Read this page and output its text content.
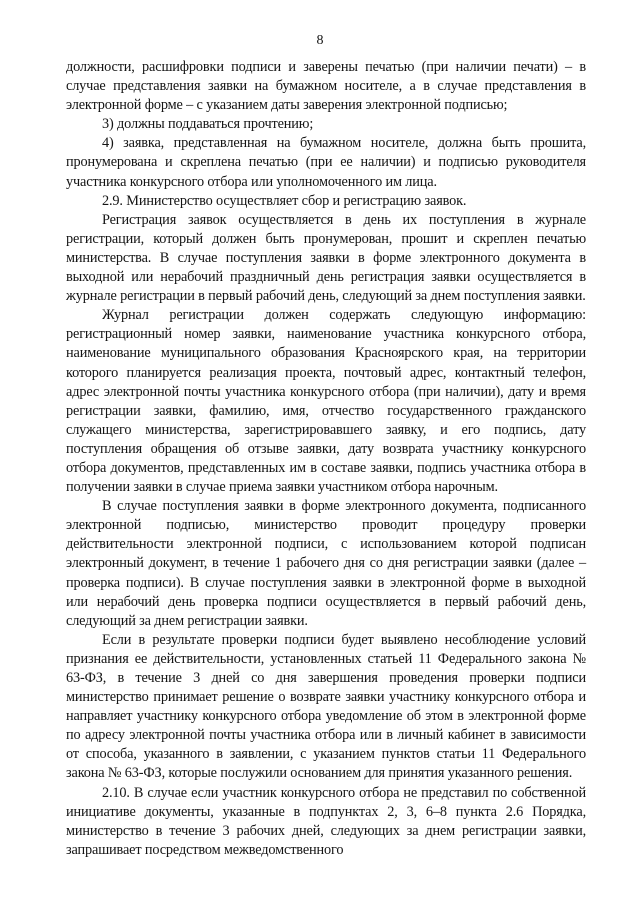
8

должности, расшифровки подписи и заверены печатью (при наличии печати) – в случае представления заявки на бумажном носителе, а в случае представления в электронной форме – с указанием даты заверения электронной подписью;

3) должны поддаваться прочтению;

4) заявка, представленная на бумажном носителе, должна быть прошита, пронумерована и скреплена печатью (при ее наличии) и подписью руководителя участника конкурсного отбора или уполномоченного им лица.

2.9. Министерство осуществляет сбор и регистрацию заявок.

Регистрация заявок осуществляется в день их поступления в журнале регистрации, который должен быть пронумерован, прошит и скреплен печатью министерства. В случае поступления заявки в форме электронного документа в выходной или нерабочий праздничный день регистрация заявки осуществляется в журнале регистрации в первый рабочий день, следующий за днем поступления заявки.

Журнал регистрации должен содержать следующую информацию: регистрационный номер заявки, наименование участника конкурсного отбора, наименование муниципального образования Красноярского края, на территории которого планируется реализация проекта, почтовый адрес, контактный телефон, адрес электронной почты участника конкурсного отбора (при наличии), дату и время регистрации заявки, фамилию, имя, отчество государственного гражданского служащего министерства, зарегистрировавшего заявку, и его подпись, дату поступления обращения об отзыве заявки, дату возврата участнику конкурсного отбора документов, представленных им в составе заявки, подпись участника отбора в получении заявки в случае приема заявки участником отбора нарочным.

В случае поступления заявки в форме электронного документа, подписанного электронной подписью, министерство проводит процедуру проверки действительности электронной подписи, с использованием которой подписан электронный документ, в течение 1 рабочего дня со дня регистрации заявки (далее – проверка подписи). В случае поступления заявки в электронной форме в выходной или нерабочий день проверка подписи осуществляется в первый рабочий день, следующий за днем регистрации заявки.

Если в результате проверки подписи будет выявлено несоблюдение условий признания ее действительности, установленных статьей 11 Федерального закона № 63-ФЗ, в течение 3 дней со дня завершения проведения проверки подписи министерство принимает решение о возврате заявки участнику конкурсного отбора и направляет участнику конкурсного отбора уведомление об этом в электронной форме по адресу электронной почты участника отбора или в личный кабинет в зависимости от способа, указанного в заявлении, с указанием пунктов статьи 11 Федерального закона № 63-ФЗ, которые послужили основанием для принятия указанного решения.

2.10. В случае если участник конкурсного отбора не представил по собственной инициативе документы, указанные в подпунктах 2, 3, 6–8 пункта 2.6 Порядка, министерство в течение 3 рабочих дней, следующих за днем регистрации заявки, запрашивает посредством межведомственного
